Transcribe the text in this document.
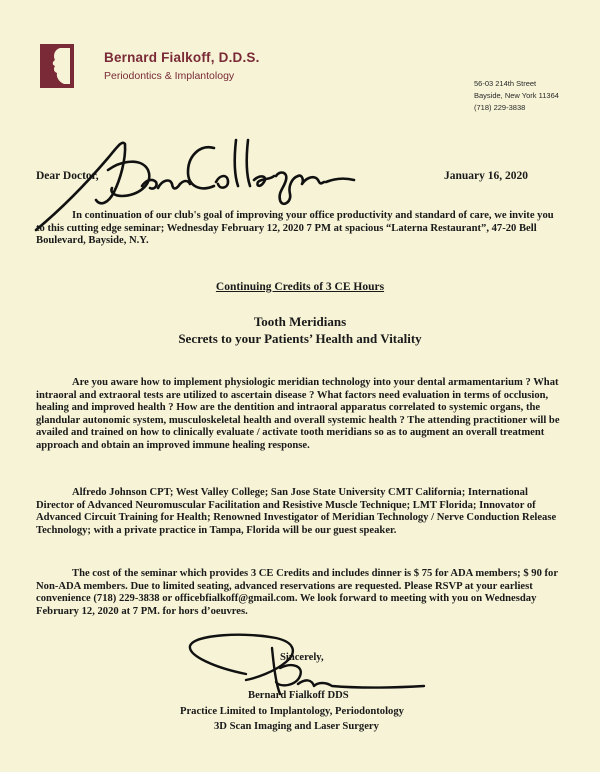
Bernard Fialkoff, D.D.S.
Periodontics & Implantology
56-03 214th Street
Bayside, New York 11364
(718) 229-3838
Dear Doctor,	January 16, 2020

In continuation of our club's goal of improving your office productivity and standard of care, we invite you to this cutting edge seminar; Wednesday February 12, 2020 7 PM at spacious “Laterna Restaurant”, 47-20 Bell Boulevard, Bayside, N.Y.

Continuing Credits of 3 CE Hours
Tooth Meridians
Secrets to your Patients’ Health and Vitality

Are you aware how to implement physiologic meridian technology into your dental armamentarium ? What intraoral and extraoral tests are utilized to ascertain disease ? What factors need evaluation in terms of occlusion, healing and improved health ? How are the dentition and intraoral apparatus correlated to systemic organs, the glandular autonomic system, musculoskeletal health and overall systemic health ? The attending practitioner will be availed and trained on how to clinically evaluate / activate tooth meridians so as to augment an overall treatment approach and obtain an improved immune healing response.

Alfredo Johnson CPT; West Valley College; San Jose State University CMT California; International Director of Advanced Neuromuscular Facilitation and Resistive Muscle Technique; LMT Florida; Innovator of Advanced Circuit Training for Health; Renowned Investigator of Meridian Technology / Nerve Conduction Release Technology; with a private practice in Tampa, Florida will be our guest speaker.

The cost of the seminar which provides 3 CE Credits and includes dinner is $ 75 for ADA members; $ 90 for Non-ADA members. Due to limited seating, advanced reservations are requested. Please RSVP at your earliest convenience (718) 229-3838 or officebfialkoff@gmail.com. We look forward to meeting with you on Wednesday February 12, 2020 at 7 PM. for hors d’oeuvres.

Sincerely,
Bernard Fialkoff DDS
Practice Limited to Implantology, Periodontology
3D Scan Imaging and Laser Surgery
